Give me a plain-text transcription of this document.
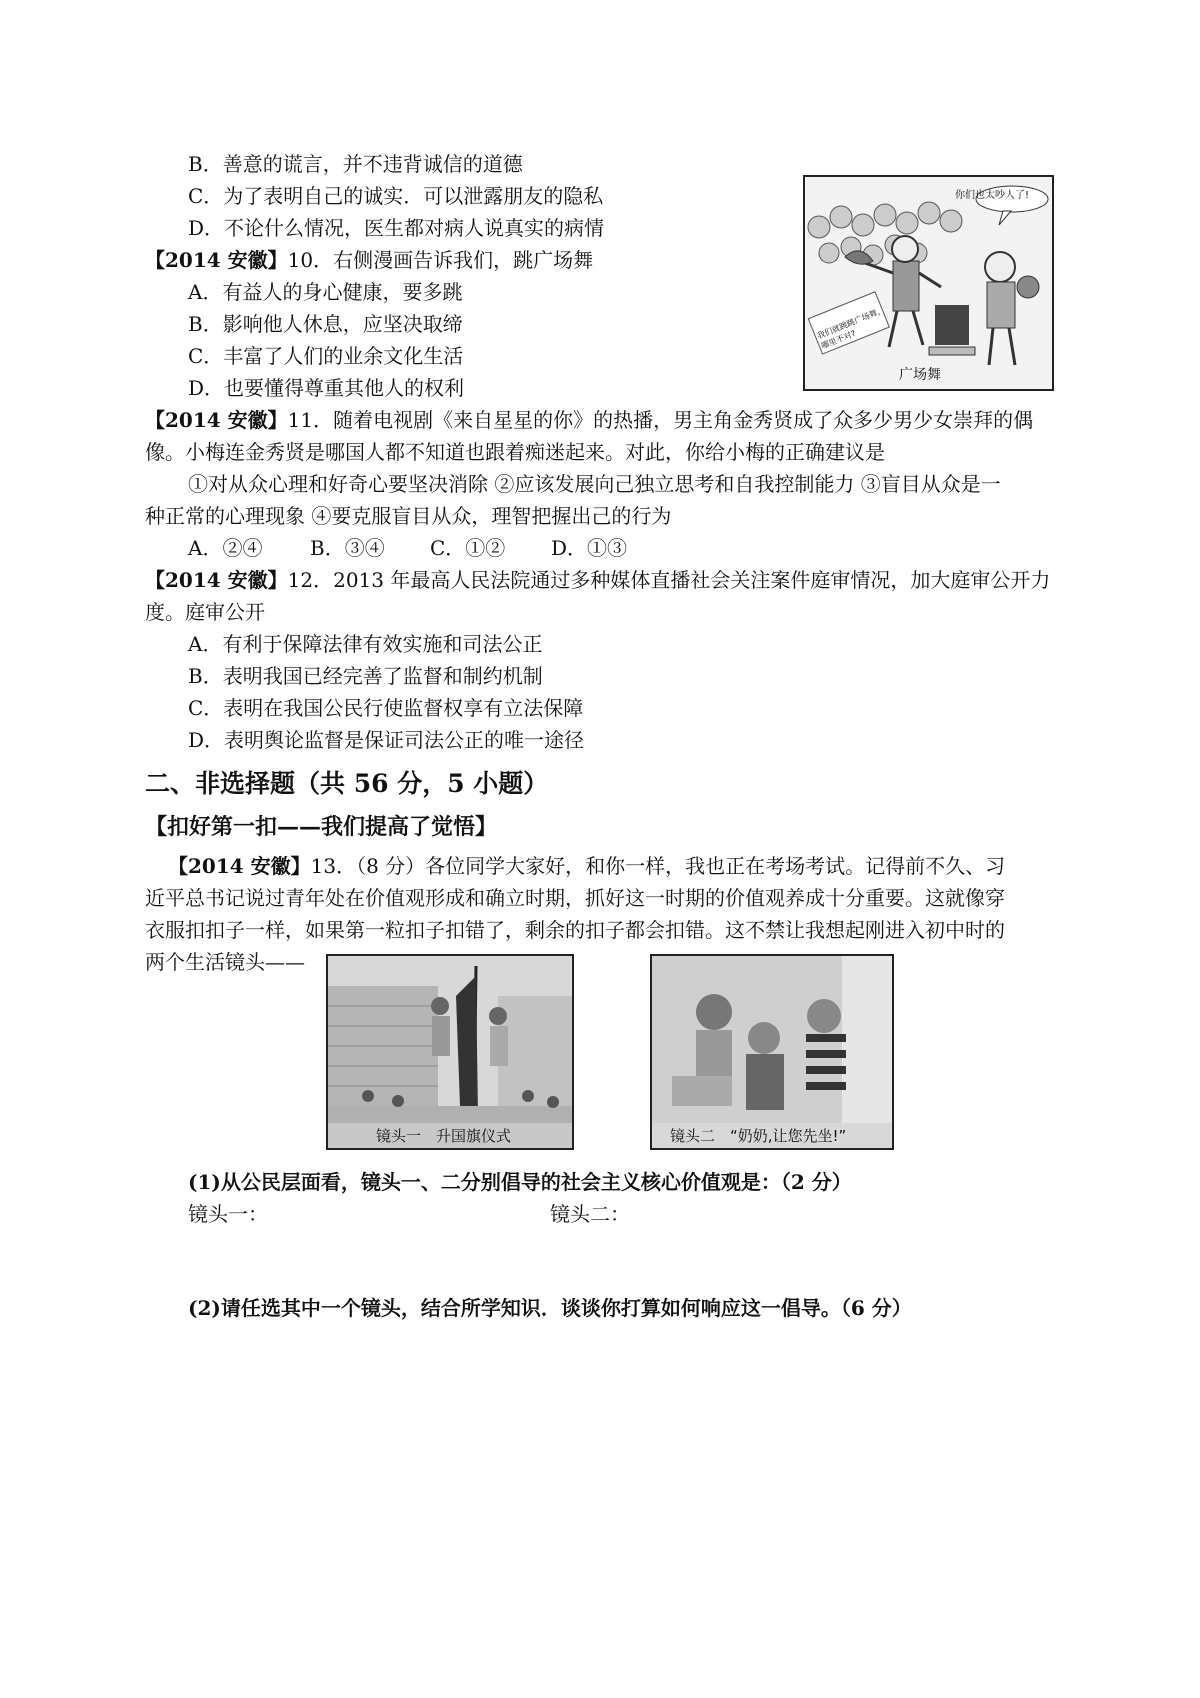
B．善意的谎言，并不违背诚信的道德
C．为了表明自己的诚实．可以泄露朋友的隐私
D．不论什么情况，医生都对病人说真实的病情
【2014 安徽】10．右侧漫画告诉我们，跳广场舞
A．有益人的身心健康，要多跳
B．影响他人休息，应坚决取缔
C．丰富了人们的业余文化生活
D．也要懂得尊重其他人的权利
你们也太吵人了!
我们就跳跳广场舞，哪里不对?
广场舞
【2014 安徽】11．随着电视剧《来自星星的你》的热播，男主角金秀贤成了众多少男少女崇拜的偶
像。小梅连金秀贤是哪国人都不知道也跟着痴迷起来。对此，你给小梅的正确建议是
①对从众心理和好奇心要坚决消除 ②应该发展向己独立思考和自我控制能力 ③盲目从众是一
种正常的心理现象 ④要克服盲目从众，理智把握出己的行为
A．②④ B．③④ C．①② D．①③
【2014 安徽】12．2013 年最高人民法院通过多种媒体直播社会关注案件庭审情况，加大庭审公开力
度。庭审公开
A．有利于保障法律有效实施和司法公正
B．表明我国已经完善了监督和制约机制
C．表明在我国公民行使监督权享有立法保障
D．表明舆论监督是保证司法公正的唯一途径
二、非选择题（共 56 分，5 小题）
【扣好第一扣——我们提高了觉悟】
【2014 安徽】13．（8 分）各位同学大家好，和你一样，我也正在考场考试。记得前不久、习
近平总书记说过青年处在价值观形成和确立时期，抓好这一时期的价值观养成十分重要。这就像穿
衣服扣扣子一样，如果第一粒扣子扣错了，剩余的扣子都会扣错。这不禁让我想起刚进入初中时的
两个生活镜头——
镜头一　升国旗仪式	镜头二　“奶奶,让您先坐!”
(1)从公民层面看，镜头一、二分别倡导的社会主义核心价值观是：（2 分）
镜头一：	镜头二：
(2)请任选其中一个镜头，结合所学知识．谈谈你打算如何响应这一倡导。（6 分）
